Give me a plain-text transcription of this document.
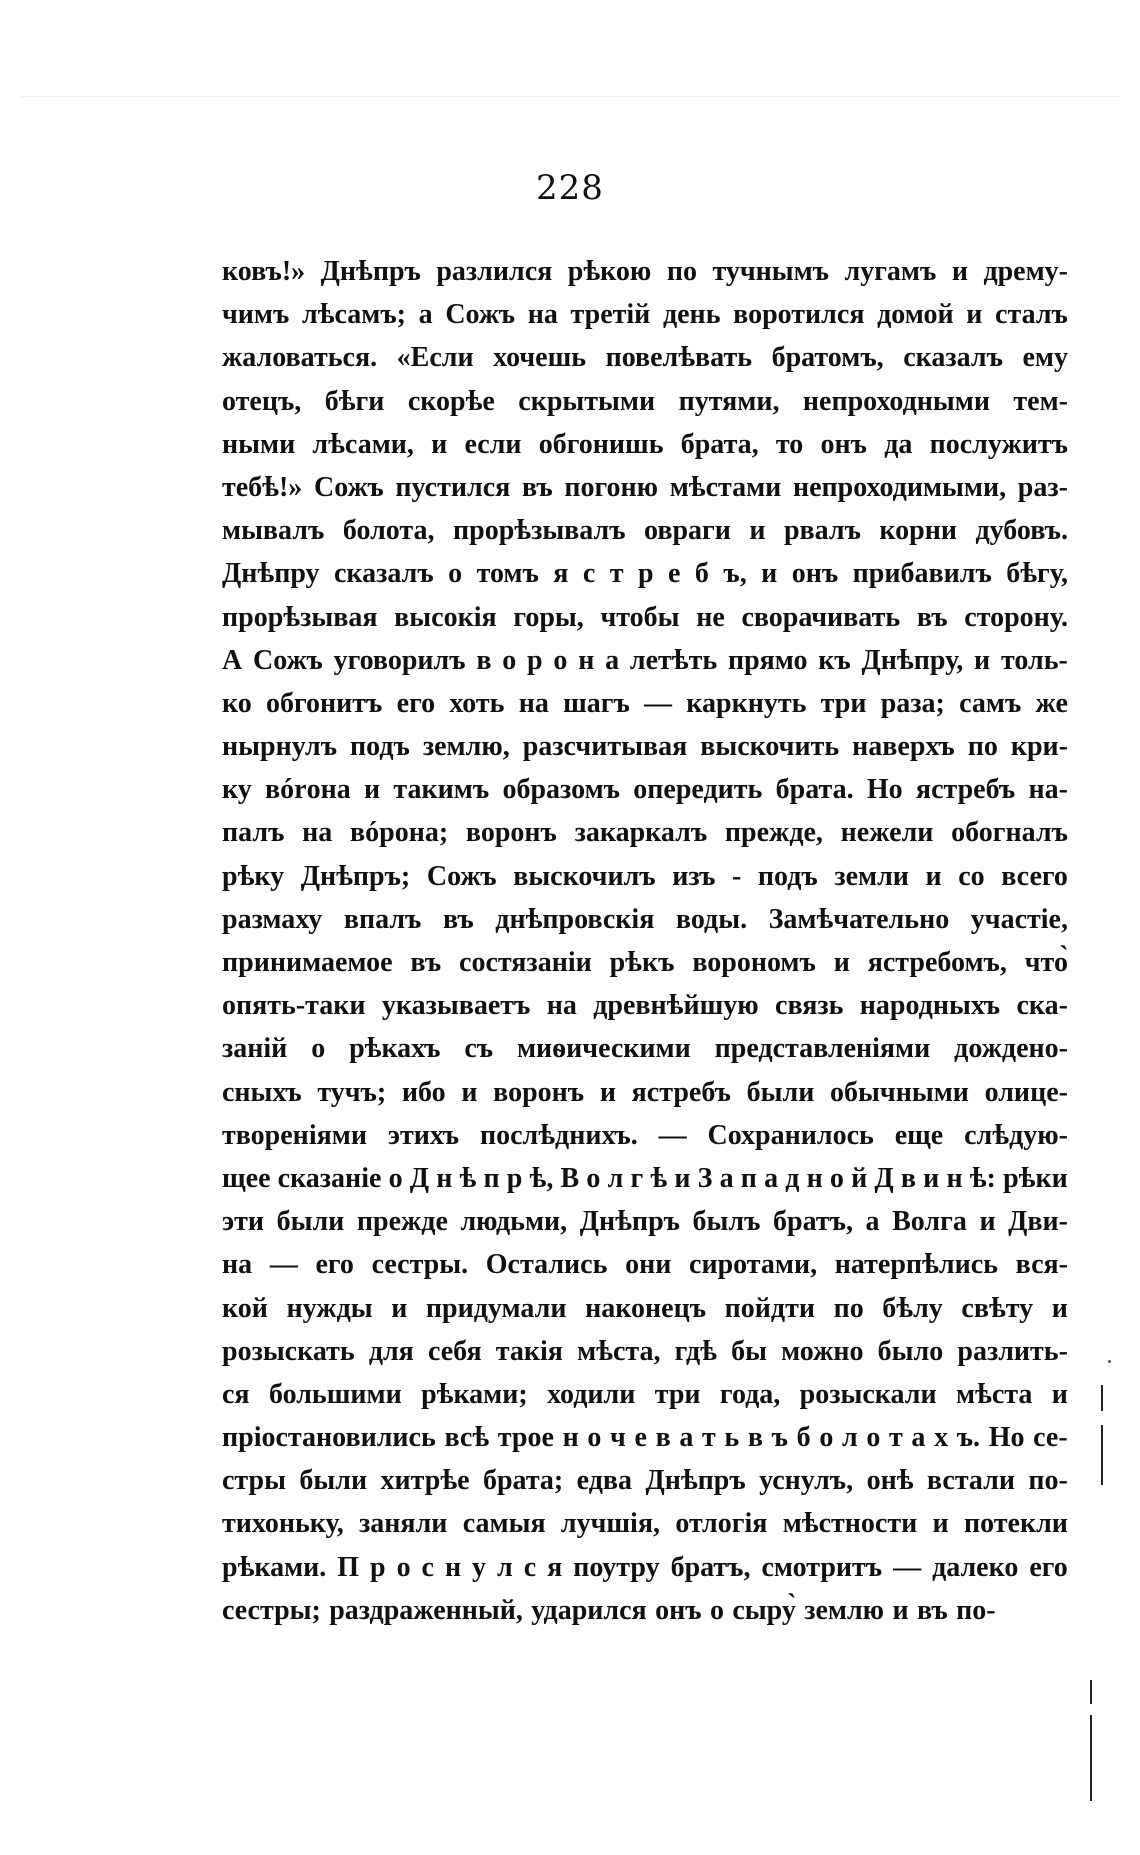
228
ковъ!» Днѣпръ разлился рѣкою по тучнымъ лугамъ и дрему-
чимъ лѣсамъ; а Сожъ на третій день воротился домой и сталъ
жаловаться. «Если хочешь повелѣвать братомъ, сказалъ ему
отецъ, бѣги скорѣе скрытыми путями, непроходными тем-
ными лѣсами, и если обгонишь брата, то онъ да послужитъ
тебѣ!» Сожъ пустился въ погоню мѣстами непроходимыми, раз-
мывалъ болота, прорѣзывалъ овраги и рвалъ корни дубовъ.
Днѣпру сказалъ о томъ я с т р е б ъ, и онъ прибавилъ бѣгу,
прорѣзывая высокія горы, чтобы не сворачивать въ сторону.
А Сожъ уговорилъ в о р о н а летѣть прямо къ Днѣпру, и толь-
ко обгонитъ его хоть на шагъ — каркнуть три раза; самъ же
нырнулъ подъ землю, разсчитывая выскочить наверхъ по кри-
ку вórона и такимъ образомъ опередить брата. Но ястребъ на-
палъ на вóрона; воронъ закаркалъ прежде, нежели обогналъ
рѣку Днѣпръ; Сожъ выскочилъ изъ - подъ земли и со всего
размаху впалъ въ днѣпровскія воды. Замѣчательно участіе,
принимаемое въ состязаніи рѣкъ ворономъ и ястребомъ, что̀
опять-таки указываетъ на древнѣйшую связь народныхъ ска-
заній о рѣкахъ съ миѳическими представленіями дождено-
сныхъ тучъ; ибо и воронъ и ястребъ были обычными олице-
твореніями этихъ послѣднихъ. — Сохранилось еще слѣдую-
щее сказаніе о Д н ѣ п р ѣ, В о л г ѣ и З а п а д н о й Д в и н ѣ: рѣки
эти были прежде людьми, Днѣпръ былъ братъ, а Волга и Дви-
на — его сестры. Остались они сиротами, натерпѣлись вся-
кой нужды и придумали наконецъ пойдти по бѣлу свѣту и
розыскать для себя такія мѣста, гдѣ бы можно было разлить-
ся большими рѣками; ходили три года, розыскали мѣста и
пріостановились всѣ трое н о ч е в а т ь в ъ б о л о т а х ъ. Но се-
стры были хитрѣе брата; едва Днѣпръ уснулъ, онѣ встали по-
тихоньку, заняли самыя лучшія, отлогія мѣстности и потекли
рѣками. П р о с н у л с я поутру братъ, смотритъ — далеко его
сестры; раздраженный, ударился онъ о сыру̀ землю и въ по-
